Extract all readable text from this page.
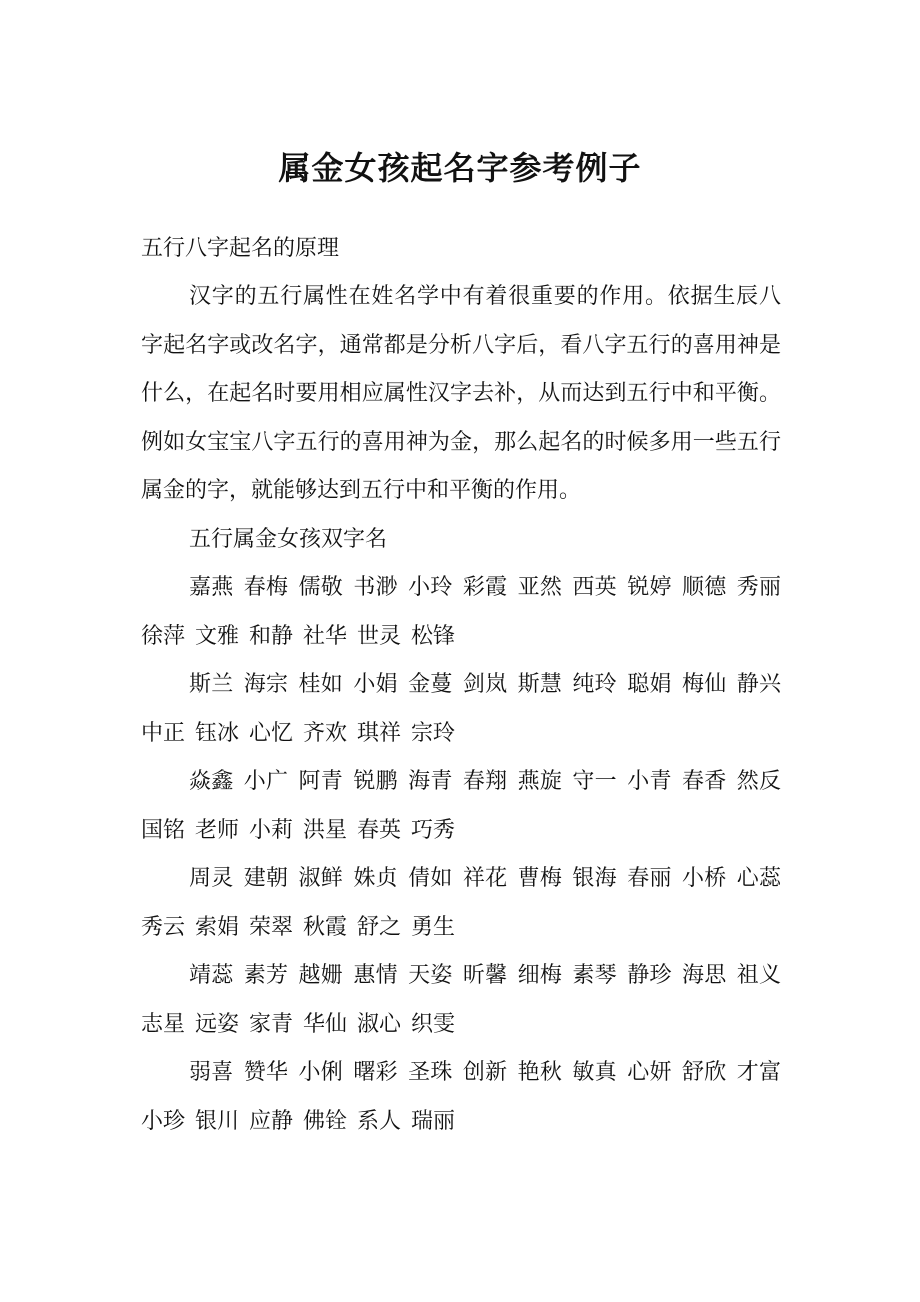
属金女孩起名字参考例子
五行八字起名的原理

汉字的五行属性在姓名学中有着很重要的作用。依据生辰八字起名字或改名字，通常都是分析八字后，看八字五行的喜用神是什么，在起名时要用相应属性汉字去补，从而达到五行中和平衡。例如女宝宝八字五行的喜用神为金，那么起名的时候多用一些五行属金的字，就能够达到五行中和平衡的作用。

五行属金女孩双字名

嘉燕 春梅 儒敬 书渺 小玲 彩霞 亚然 西英 锐婷 顺德 秀丽 徐萍 文雅 和静 社华 世灵 松锋

斯兰 海宗 桂如 小娟 金蔓 剑岚 斯慧 纯玲 聪娟 梅仙 静兴 中正 钰冰 心忆 齐欢 琪祥 宗玲

焱鑫 小广 阿青 锐鹏 海青 春翔 燕旋 守一 小青 春香 然反 国铭 老师 小莉 洪星 春英 巧秀

周灵 建朝 淑鲜 姝贞 倩如 祥花 曹梅 银海 春丽 小桥 心蕊 秀云 索娟 荣翠 秋霞 舒之 勇生

靖蕊 素芳 越姗 惠情 天姿 昕馨 细梅 素琴 静珍 海思 祖义 志星 远姿 家青 华仙 淑心 织雯

弱喜 赞华 小俐 曙彩 圣珠 创新 艳秋 敏真 心妍 舒欣 才富 小珍 银川 应静 佛铨 系人 瑞丽
